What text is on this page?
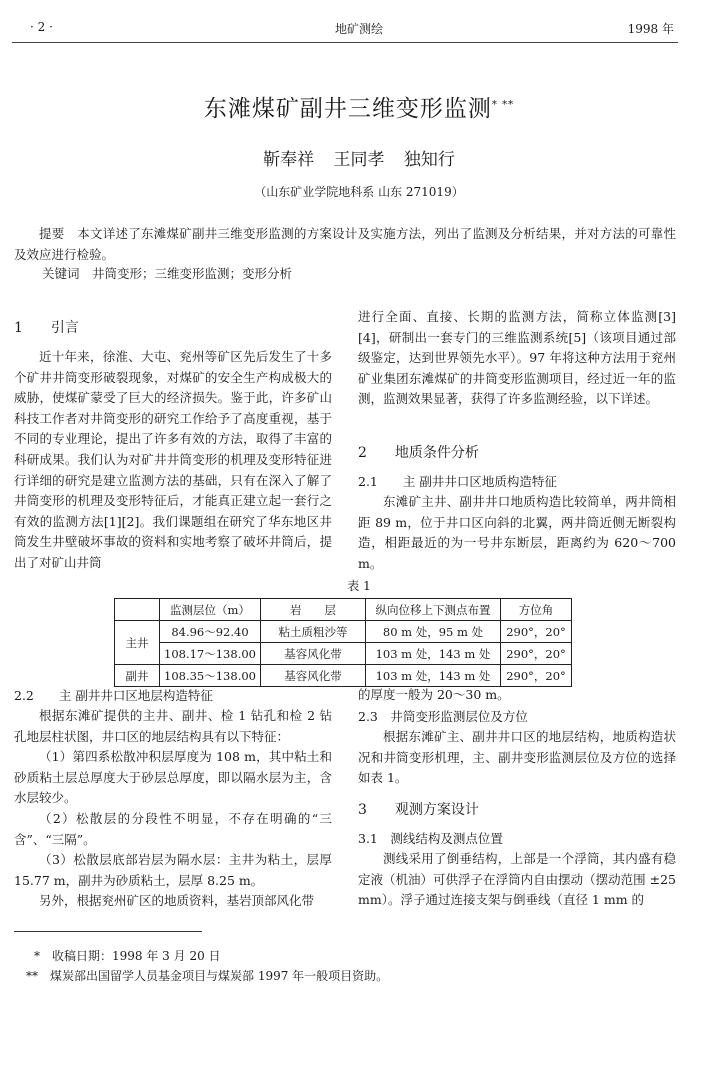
· 2 ·	地矿测绘	1998 年
东滩煤矿副井三维变形监测* **
靳奉祥 王同孝 独知行
（山东矿业学院地科系 山东 271019）

提要　 本文详述了东滩煤矿副井三维变形监测的方案设计及实施方法，列出了监测及分析结果，并对方法的可靠性及效应进行检验。

关键词　 井筒变形；三维变形监测；变形分析
1　　 引言

近十年来，徐淮、大屯、兖州等矿区先后发生了十多个矿井井筒变形破裂现象，对煤矿的安全生产构成极大的威胁，使煤矿蒙受了巨大的经济损失。鉴于此，许多矿山科技工作者对井筒变形的研究工作给予了高度重视，基于不同的专业理论，提出了许多有效的方法，取得了丰富的科研成果。我们认为对矿井井筒变形的机理及变形特征进行详细的研究是建立监测方法的基础，只有在深入了解了井筒变形的机理及变形特征后，才能真正建立起一套行之有效的监测方法[1][2]。我们课题组在研究了华东地区井筒发生井壁破坏事故的资料和实地考察了破坏井筒后，提出了对矿山井筒

进行全面、直接、长期的监测方法，简称立体监测[3][4]，研制出一套专门的三维监测系统[5]（该项目通过部级鉴定，达到世界领先水平）。97 年将这种方法用于兖州矿业集团东滩煤矿的井筒变形监测项目，经过近一年的监测，监测效果显著，获得了许多监测经验，以下详述。

2　　 地质条件分析
2.1　　 主 副井井口区地质构造特征

东滩矿主井、副井井口地质构造比较简单，两井筒相距 89 m，位于井口区向斜的北翼，两井筒近侧无断裂构造，相距最近的为一号井东断层，距离约为 620～700 m。

表 1
	监测层位（m）	岩　　层	纵向位移上下测点布置	方位角
主井	84.96～92.40	粘土质粗沙等	80 m 处，95 m 处	290°，20°
	108.17～138.00	基容风化带	103 m 处，143 m 处	290°，20°
副井	108.35～138.00	基容风化带	103 m 处，143 m 处	290°，20°
2.2　　 主 副井井口区地层构造特征

根据东滩矿提供的主井、副井、检 1 钻孔和检 2 钻孔地层柱状图，井口区的地层结构具有以下特征：

（1）第四系松散冲积层厚度为 108 m，其中粘土和砂质粘土层总厚度大于砂层总厚度，即以隔水层为主，含水层较少。

（2）松散层的分段性不明显，不存在明确的“三含”、“三隔”。

（3）松散层底部岩层为隔水层：主井为粘土，层厚 15.77 m，副井为砂质粘土，层厚 8.25 m。

另外，根据兖州矿区的地质资料，基岩顶部风化带

的厚度一般为 20～30 m。

2.3　 井筒变形监测层位及方位

根据东滩矿主、副井井口区的地层结构，地质构造状况和井筒变形机理，主、副井变形监测层位及方位的选择如表 1。

3　　 观测方案设计
3.1　 测线结构及测点位置

测线采用了倒垂结构，上部是一个浮筒，其内盛有稳定液（机油）可供浮子在浮筒内自由摆动（摆动范围 ±25 mm）。浮子通过连接支架与倒垂线（直径 1 mm 的

*　 收稿日期：1998 年 3 月 20 日
**　 煤炭部出国留学人员基金项目与煤炭部 1997 年一般项目资助。
